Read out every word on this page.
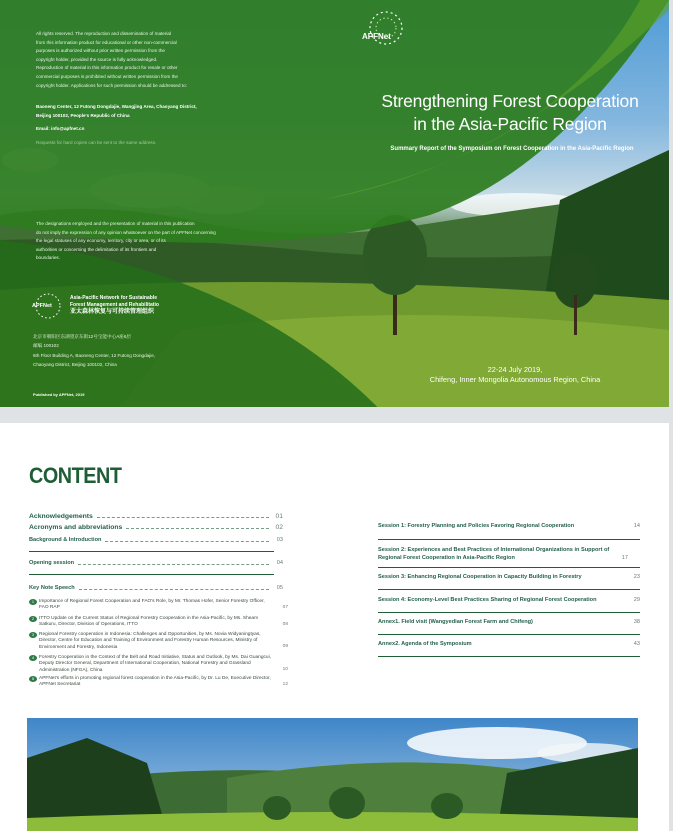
APFNet
All rights reserved. The reproduction and dissemination of material
from this information product for educational or other non-commercial
purposes is authorized without prior written permission from the
copyright holder, provided the source is fully acknowledged.
Reproduction of material in this information product for resale or other
commercial purposes is prohibited without written permission from the
copyright holder. Applications for such permission should be addressed to:
Baoneng Center, 12 Futong Dongdajie, Wangjing Area, Chaoyang District,
Beijing 100102, People's Republic of China
Email: info@apfnet.cn
Requests for hard copies can be sent to the same address.
The designations employed and the presentation of material in this publication
do not imply the expression of any opinion whatsoever on the part of APFNet concerning
the legal statuses of any economy, territory, city or area, or of its
authorities or concerning the delimitation of its frontiers and
boundaries.
APFNet
Asia-Pacific Network for Sustainable
Forest Management and Rehabilitatio
亚太森林恢复与可持续管理组织
北京市朝阳区东湖望京东街12号宝能中心A座6层
邮编 100102
6th Floor Building A, Baoneng Center, 12 Futong Dongdajie,
Chaoyang District, Beijing 100102, China
Published by APFNet, 2019
Strengthening Forest Cooperation
in the Asia-Pacific Region
Summary Report of the Symposium on Forest Cooperation in the Asia-Pacific Region
22-24 July 2019,
Chifeng, Inner Mongolia Autonomous Region, China
CONTENT
Acknowledgements	01
Acronyms and abbreviations	02
Background & Introduction	03
Opening session	04
Key Note Speech	05
1	Importance of Regional Forest Cooperation and FAO's Role, by Mr. Thomas Hofer, Senior Forestry Officer, FAO RAP	07
2	ITTO Update on the Current Status of Regional Forestry Cooperation in the Asia-Pacific, by Ms. Sheam Satkuru, Director, Division of Operations, ITTO	08
3	Regional Forestry cooperation in Indonesia: Challenges and Opportunities, by Ms. Novia Widyaningtyas, Director, Centre for Education and Training of Environment and Forestry Human Resources, Ministry of Environment and Forestry, Indonesia	09
4	Forestry Cooperation in the Context of the Belt and Road Initiative, Status and Outlook, by Ms. Dai Guangcui, Deputy Director General, Department of International Cooperation, National Forestry and Grassland Administration (NFGA), China	10
5	APFNet's efforts in promoting regional forest cooperation in the Asia-Pacific, by Dr. Lu De, Executive Director, APFNet Secretariat	12
Session 1: Forestry Planning and Policies Favoring Regional Cooperation	14
Session 2: Experiences and Best Practices of International Organizations in Support of Regional Forest Cooperation in Asia-Pacific Region	17
Session 3: Enhancing Regional Cooperation in Capacity Building in Forestry	23
Session 4: Economy-Level Best Practices Sharing of Regional Forest Cooperation	29
Annex1. Field visit (Wangyedian Forest Farm and Chifeng)	38
Annex2. Agenda of the Symposium	43
